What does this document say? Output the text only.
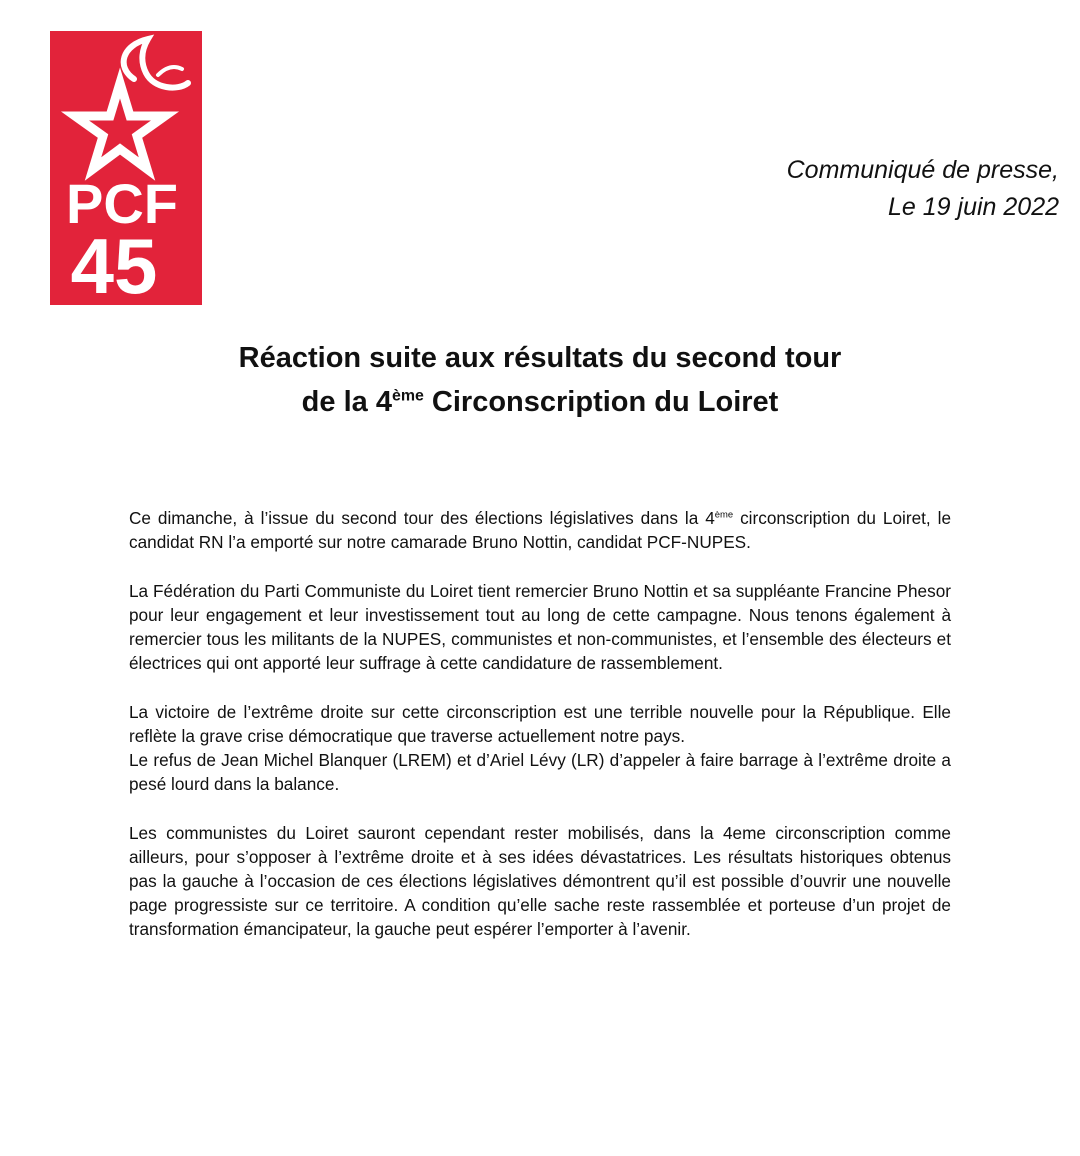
PCF
45
Communiqué de presse,
Le 19 juin 2022
Réaction suite aux résultats du second tour
de la 4ème Circonscription du Loiret

Ce dimanche, à l’issue du second tour des élections législatives dans la 4ème circonscription du Loiret, le candidat RN l’a emporté sur notre camarade Bruno Nottin, candidat PCF-NUPES.

La Fédération du Parti Communiste du Loiret tient remercier Bruno Nottin et sa suppléante Francine Phesor pour leur engagement et leur investissement tout au long de cette campagne. Nous tenons également à remercier tous les militants de la NUPES, communistes et non-communistes, et l’ensemble des électeurs et électrices qui ont apporté leur suffrage à cette candidature de rassemblement.

La victoire de l’extrême droite sur cette circonscription est une terrible nouvelle pour la République. Elle reflète la grave crise démocratique que traverse actuellement notre pays.
Le refus de Jean Michel Blanquer (LREM) et d’Ariel Lévy (LR) d’appeler à faire barrage à l’extrême droite a pesé lourd dans la balance.

Les communistes du Loiret sauront cependant rester mobilisés, dans la 4eme circonscription comme ailleurs, pour s’opposer à l’extrême droite et à ses idées dévastatrices. Les résultats historiques obtenus pas la gauche à l’occasion de ces élections législatives démontrent qu’il est possible d’ouvrir une nouvelle page progressiste sur ce territoire. A condition qu’elle sache reste rassemblée et porteuse d’un projet de transformation émancipateur, la gauche peut espérer l’emporter à l’avenir.
